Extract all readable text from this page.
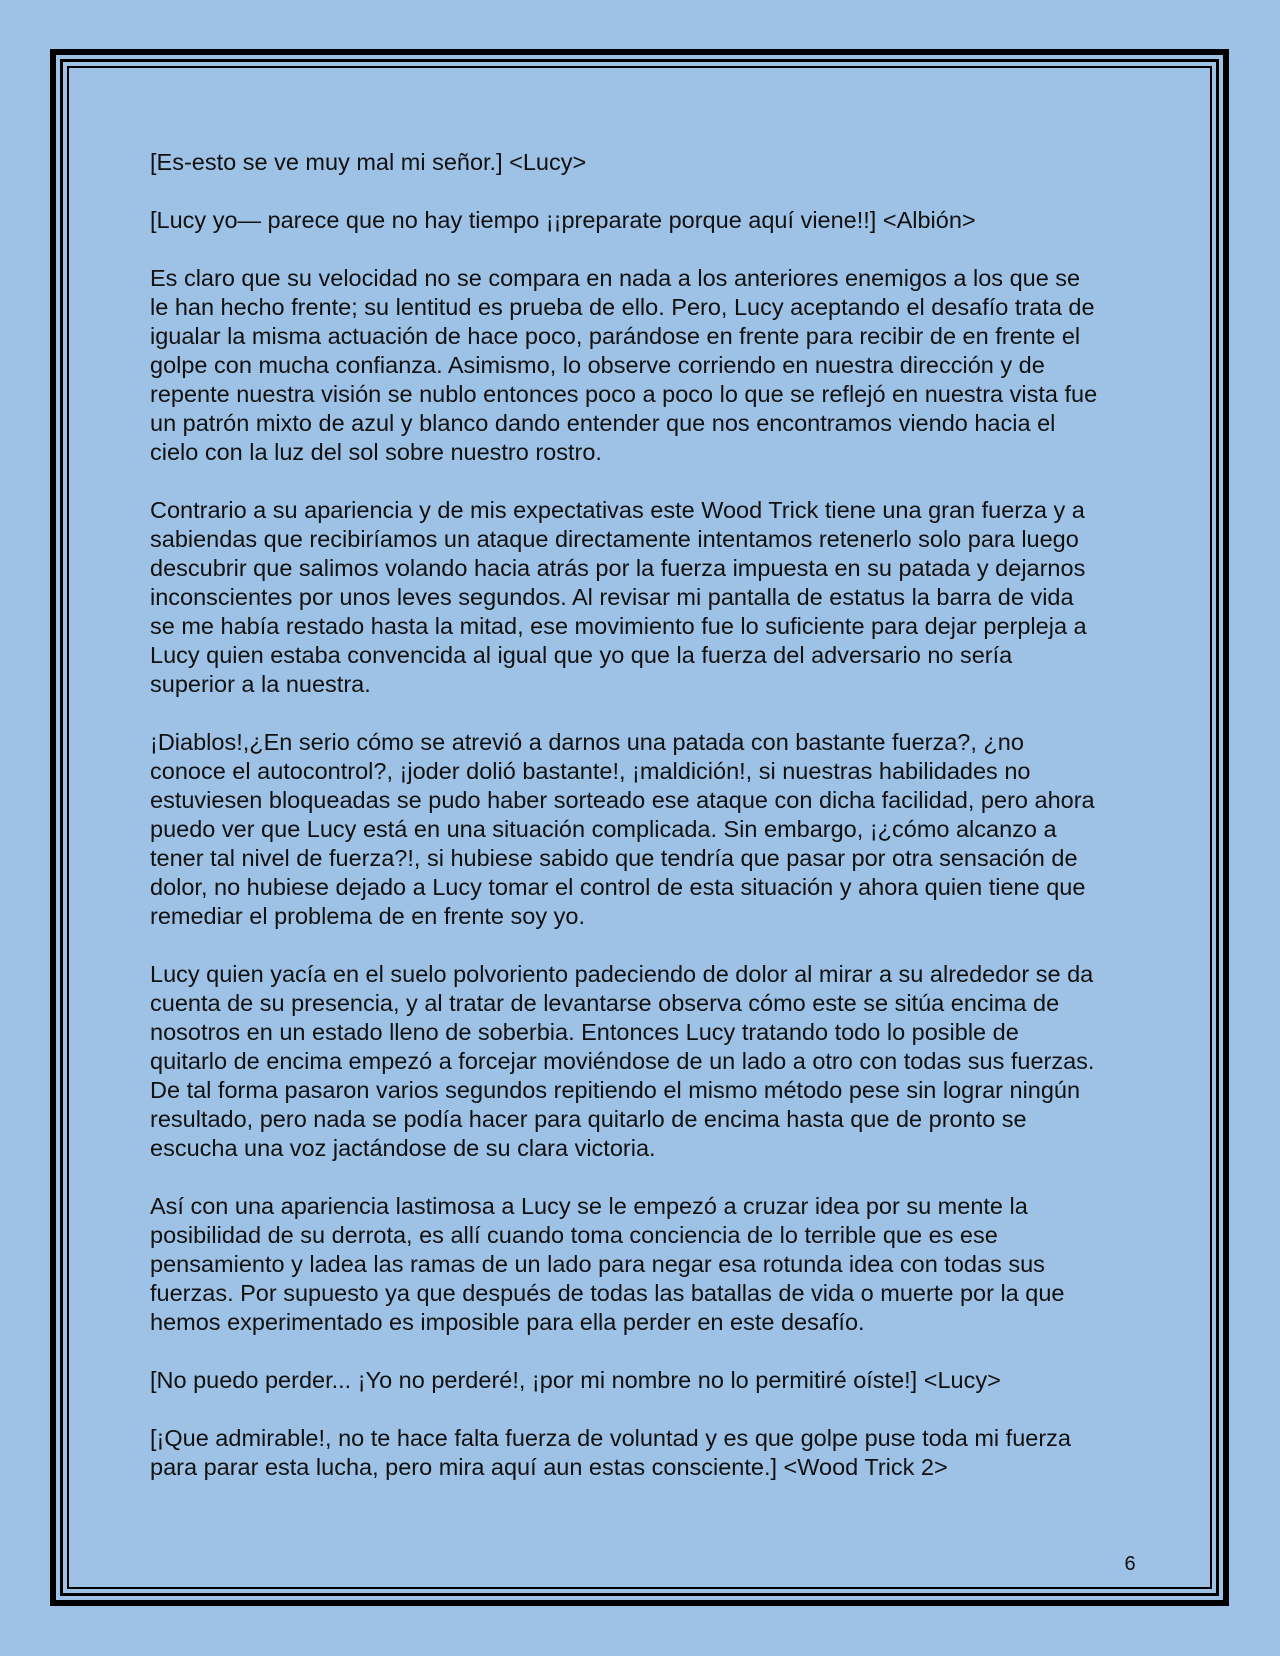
[Es-esto se ve muy mal mi señor.] <Lucy>

[Lucy yo— parece que no hay tiempo ¡¡preparate porque aquí viene!!] <Albión>

Es claro que su velocidad no se compara en nada a los anteriores enemigos a los que se le han hecho frente; su lentitud es prueba de ello. Pero, Lucy aceptando el desafío trata de igualar la misma actuación de hace poco, parándose en frente para recibir de en frente el golpe con mucha confianza. Asimismo, lo observe corriendo en nuestra dirección y de repente nuestra visión se nublo entonces poco a poco lo que se reflejó en nuestra vista fue un patrón mixto de azul y blanco dando entender que nos encontramos viendo hacia el cielo con la luz del sol sobre nuestro rostro.

Contrario a su apariencia y de mis expectativas este Wood Trick tiene una gran fuerza y a sabiendas que recibiríamos un ataque directamente intentamos retenerlo solo para luego descubrir que salimos volando hacia atrás por la fuerza impuesta en su patada y dejarnos inconscientes por unos leves segundos. Al revisar mi pantalla de estatus la barra de vida se me había restado hasta la mitad, ese movimiento fue lo suficiente para dejar perpleja a Lucy quien estaba convencida al igual que yo que la fuerza del adversario no sería superior a la nuestra.

¡Diablos!,¿En serio cómo se atrevió a darnos una patada con bastante fuerza?, ¿no conoce el autocontrol?, ¡joder dolió bastante!, ¡maldición!, si nuestras habilidades no estuviesen bloqueadas se pudo haber sorteado ese ataque con dicha facilidad, pero ahora puedo ver que Lucy está en una situación complicada. Sin embargo, ¡¿cómo alcanzo a tener tal nivel de fuerza?!, si hubiese sabido que tendría que pasar por otra sensación de dolor, no hubiese dejado a Lucy tomar el control de esta situación y ahora quien tiene que remediar el problema de en frente soy yo.

Lucy quien yacía en el suelo polvoriento padeciendo de dolor al mirar a su alrededor se da cuenta de su presencia, y al tratar de levantarse observa cómo este se sitúa encima de nosotros en un estado lleno de soberbia. Entonces Lucy tratando todo lo posible de quitarlo de encima empezó a forcejar moviéndose de un lado a otro con todas sus fuerzas. De tal forma pasaron varios segundos repitiendo el mismo método pese sin lograr ningún resultado, pero nada se podía hacer para quitarlo de encima hasta que de pronto se escucha una voz jactándose de su clara victoria.

Así con una apariencia lastimosa a Lucy se le empezó a cruzar idea por su mente la posibilidad de su derrota, es allí cuando toma conciencia de lo terrible que es ese pensamiento y ladea las ramas de un lado para negar esa rotunda idea con todas sus fuerzas. Por supuesto ya que después de todas las batallas de vida o muerte por la que hemos experimentado es imposible para ella perder en este desafío.

[No puedo perder... ¡Yo no perderé!, ¡por mi nombre no lo permitiré oíste!] <Lucy>

[¡Que admirable!, no te hace falta fuerza de voluntad y es que golpe puse toda mi fuerza para parar esta lucha, pero mira aquí aun estas consciente.] <Wood Trick 2>

6
